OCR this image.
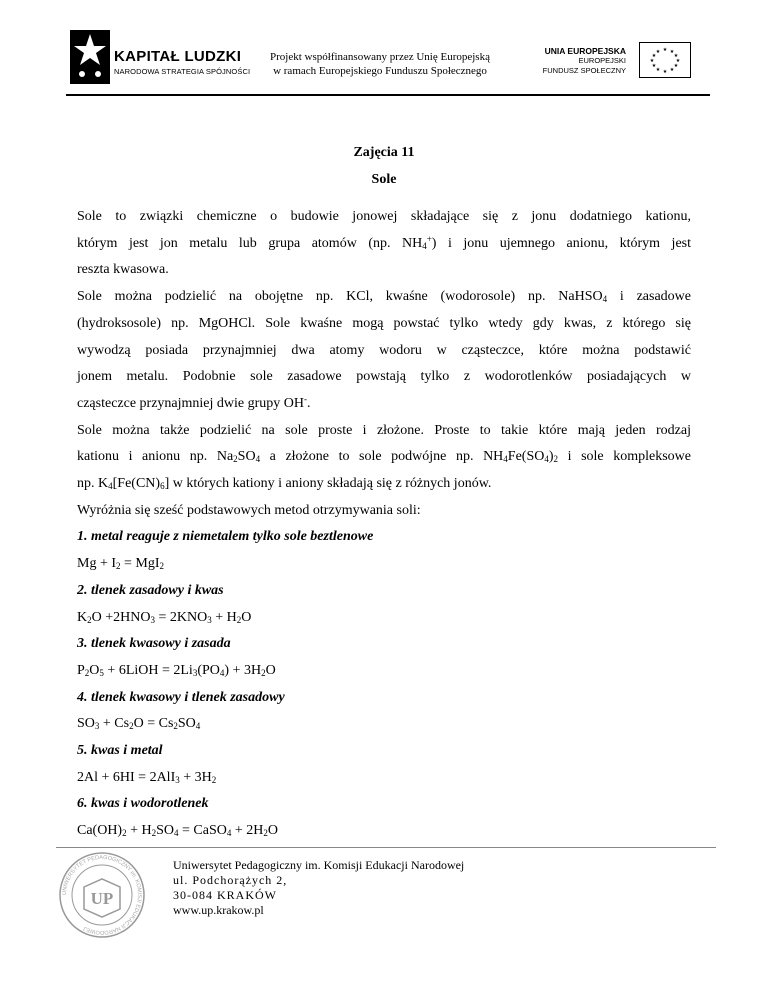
KAPITAŁ LUDZKI
NARODOWA STRATEGIA SPÓJNOŚCI
Projekt współfinansowany przez Unię Europejską
w ramach Europejskiego Funduszu Społecznego
UNIA EUROPEJSKA
EUROPEJSKI
FUNDUSZ SPOŁECZNY
★ ★
★
★
★
★
★
★
★
★
★
★
Zajęcia 11
Sole

Sole to związki chemiczne o budowie jonowej składające się z jonu dodatniego kationu,

którym jest jon metalu lub grupa atomów (np. $NH_4^+$) i jonu ujemnego anionu, którym jest

reszta kwasowa.

Sole można podzielić na obojętne np. KCl, kwaśne (wodorosole) np. NaHSO$_4$ i zasadowe

(hydroksosole) np. MgOHCl. Sole kwaśne mogą powstać tylko wtedy gdy kwas, z którego się

wywodzą posiada przynajmniej dwa atomy wodoru w cząsteczce, które można podstawić

jonem metalu. Podobnie sole zasadowe powstają tylko z wodorotlenków posiadających w

cząsteczce przynajmniej dwie grupy OH-.

Sole można także podzielić na sole proste i złożone. Proste to takie które mają jeden rodzaj

kationu i anionu np. $Na_2SO_4$ a złożone to sole podwójne np. $NH_4Fe(SO_4)_2$ i sole kompleksowe

np. $K_4[Fe(CN)_6]$ w których kationy i aniony składają się z różnych jonów.

Wyróżnia się sześć podstawowych metod otrzymywania soli:

1. metal reaguje z niemetalem tylko sole beztlenowe

$Mg + I_2 = MgI_2$

2. tlenek zasadowy i kwas

$K_2O +2HNO_3 = 2KNO_3 + H_2O$

3. tlenek kwasowy i zasada

$P_2O_5$ + 6LiOH = $2Li_3(PO_4) + 3H_2O$

4. tlenek kwasowy i tlenek zasadowy

$SO_3 + Cs_2O = Cs_2SO_4$

5. kwas i metal

$2Al + 6HI = 2AlI_3 + 3H_2$

6. kwas i wodorotlenek

$Ca(OH)_2 + H_2SO_4$ = CaSO$_4$ + $2H_2O$

UP
UNIWERSYTET PEDAGOGICZNY im. KOMISJI EDUKACJI NARODOWEJ
Uniwersytet Pedagogiczny im. Komisji Edukacji Narodowej
ul. Podchorążych 2,
30-084 KRAKÓW
www.up.krakow.pl
